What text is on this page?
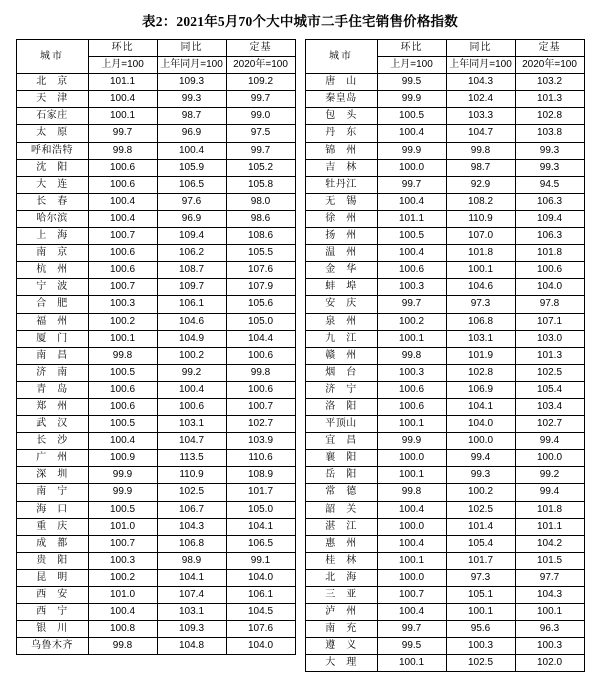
表2：2021年5月70个大中城市二手住宅销售价格指数
城市	环比	同比	定基		城市	环比	同比	定基
	上月=100	上年同月=100	2020年=100			上月=100	上年同月=100	2020年=100
北　京	101.1	109.3	109.2		唐　山	99.5	104.3	103.2
天　津	100.4	99.3	99.7		秦皇岛	99.9	102.4	101.3
石家庄	100.1	98.7	99.0		包　头	100.5	103.3	102.8
太　原	99.7	96.9	97.5		丹　东	100.4	104.7	103.8
呼和浩特	99.8	100.4	99.7		锦　州	99.9	99.8	99.3
沈　阳	100.6	105.9	105.2		吉　林	100.0	98.7	99.3
大　连	100.6	106.5	105.8		牡丹江	99.7	92.9	94.5
长　春	100.4	97.6	98.0		无　锡	100.4	108.2	106.3
哈尔滨	100.4	96.9	98.6		徐　州	101.1	110.9	109.4
上　海	100.7	109.4	108.6		扬　州	100.5	107.0	106.3
南　京	100.6	106.2	105.5		温　州	100.4	101.8	101.8
杭　州	100.6	108.7	107.6		金　华	100.6	100.1	100.6
宁　波	100.7	109.7	107.9		蚌　埠	100.3	104.6	104.0
合　肥	100.3	106.1	105.6		安　庆	99.7	97.3	97.8
福　州	100.2	104.6	105.0		泉　州	100.2	106.8	107.1
厦　门	100.1	104.9	104.4		九　江	100.1	103.1	103.0
南　昌	99.8	100.2	100.6		赣　州	99.8	101.9	101.3
济　南	100.5	99.2	99.8		烟　台	100.3	102.8	102.5
青　岛	100.6	100.4	100.6		济　宁	100.6	106.9	105.4
郑　州	100.6	100.6	100.7		洛　阳	100.6	104.1	103.4
武　汉	100.5	103.1	102.7		平顶山	100.1	104.0	102.7
长　沙	100.4	104.7	103.9		宜　昌	99.9	100.0	99.4
广　州	100.9	113.5	110.6		襄　阳	100.0	99.4	100.0
深　圳	99.9	110.9	108.9		岳　阳	100.1	99.3	99.2
南　宁	99.9	102.5	101.7		常　德	99.8	100.2	99.4
海　口	100.5	106.7	105.0		韶　关	100.4	102.5	101.8
重　庆	101.0	104.3	104.1		湛　江	100.0	101.4	101.1
成　都	100.7	106.8	106.5		惠　州	100.4	105.4	104.2
贵　阳	100.3	98.9	99.1		桂　林	100.1	101.7	101.5
昆　明	100.2	104.1	104.0		北　海	100.0	97.3	97.7
西　安	101.0	107.4	106.1		三　亚	100.7	105.1	104.3
西　宁	100.4	103.1	104.5		泸　州	100.4	100.1	100.1
银　川	100.8	109.3	107.6		南　充	99.7	95.6	96.3
乌鲁木齐	99.8	104.8	104.0		遵　义	99.5	100.3	100.3
					大　理	100.1	102.5	102.0
